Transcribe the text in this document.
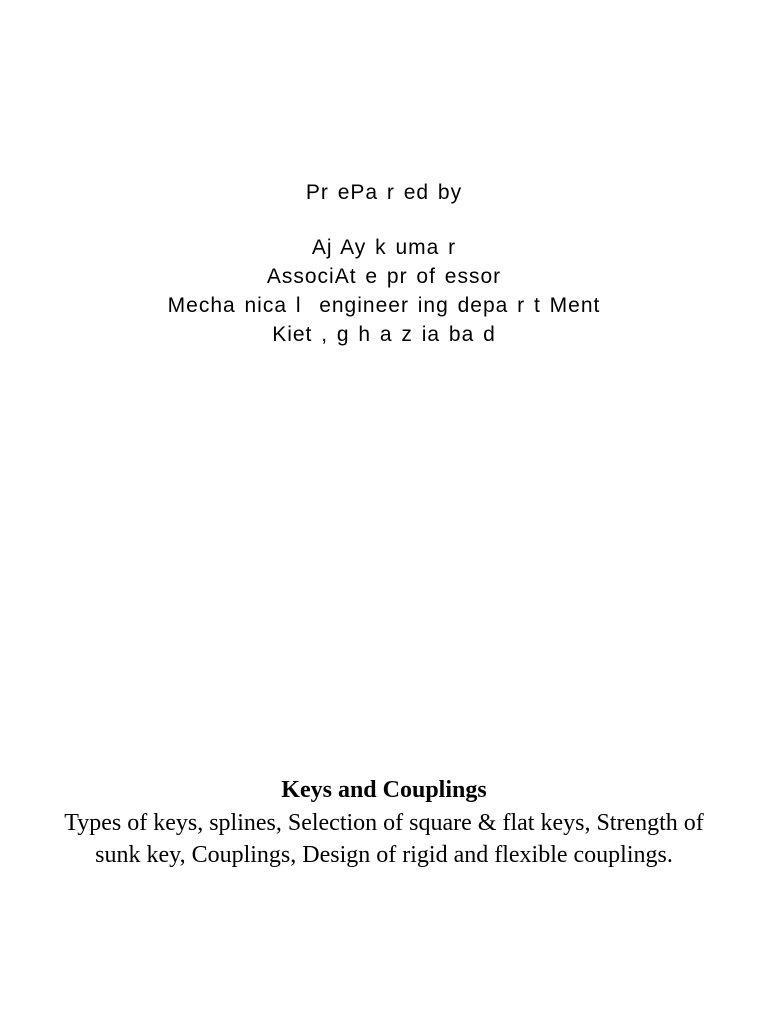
Pr ePa r ed by
Aj Ay k uma r
AssociAt e pr of essor
Mecha nica l  engineer ing depa r t Ment
Kiet , g h a z ia ba d
Keys and Couplings
Types of keys, splines, Selection of square & flat keys, Strength of sunk key, Couplings, Design of rigid and flexible couplings.
